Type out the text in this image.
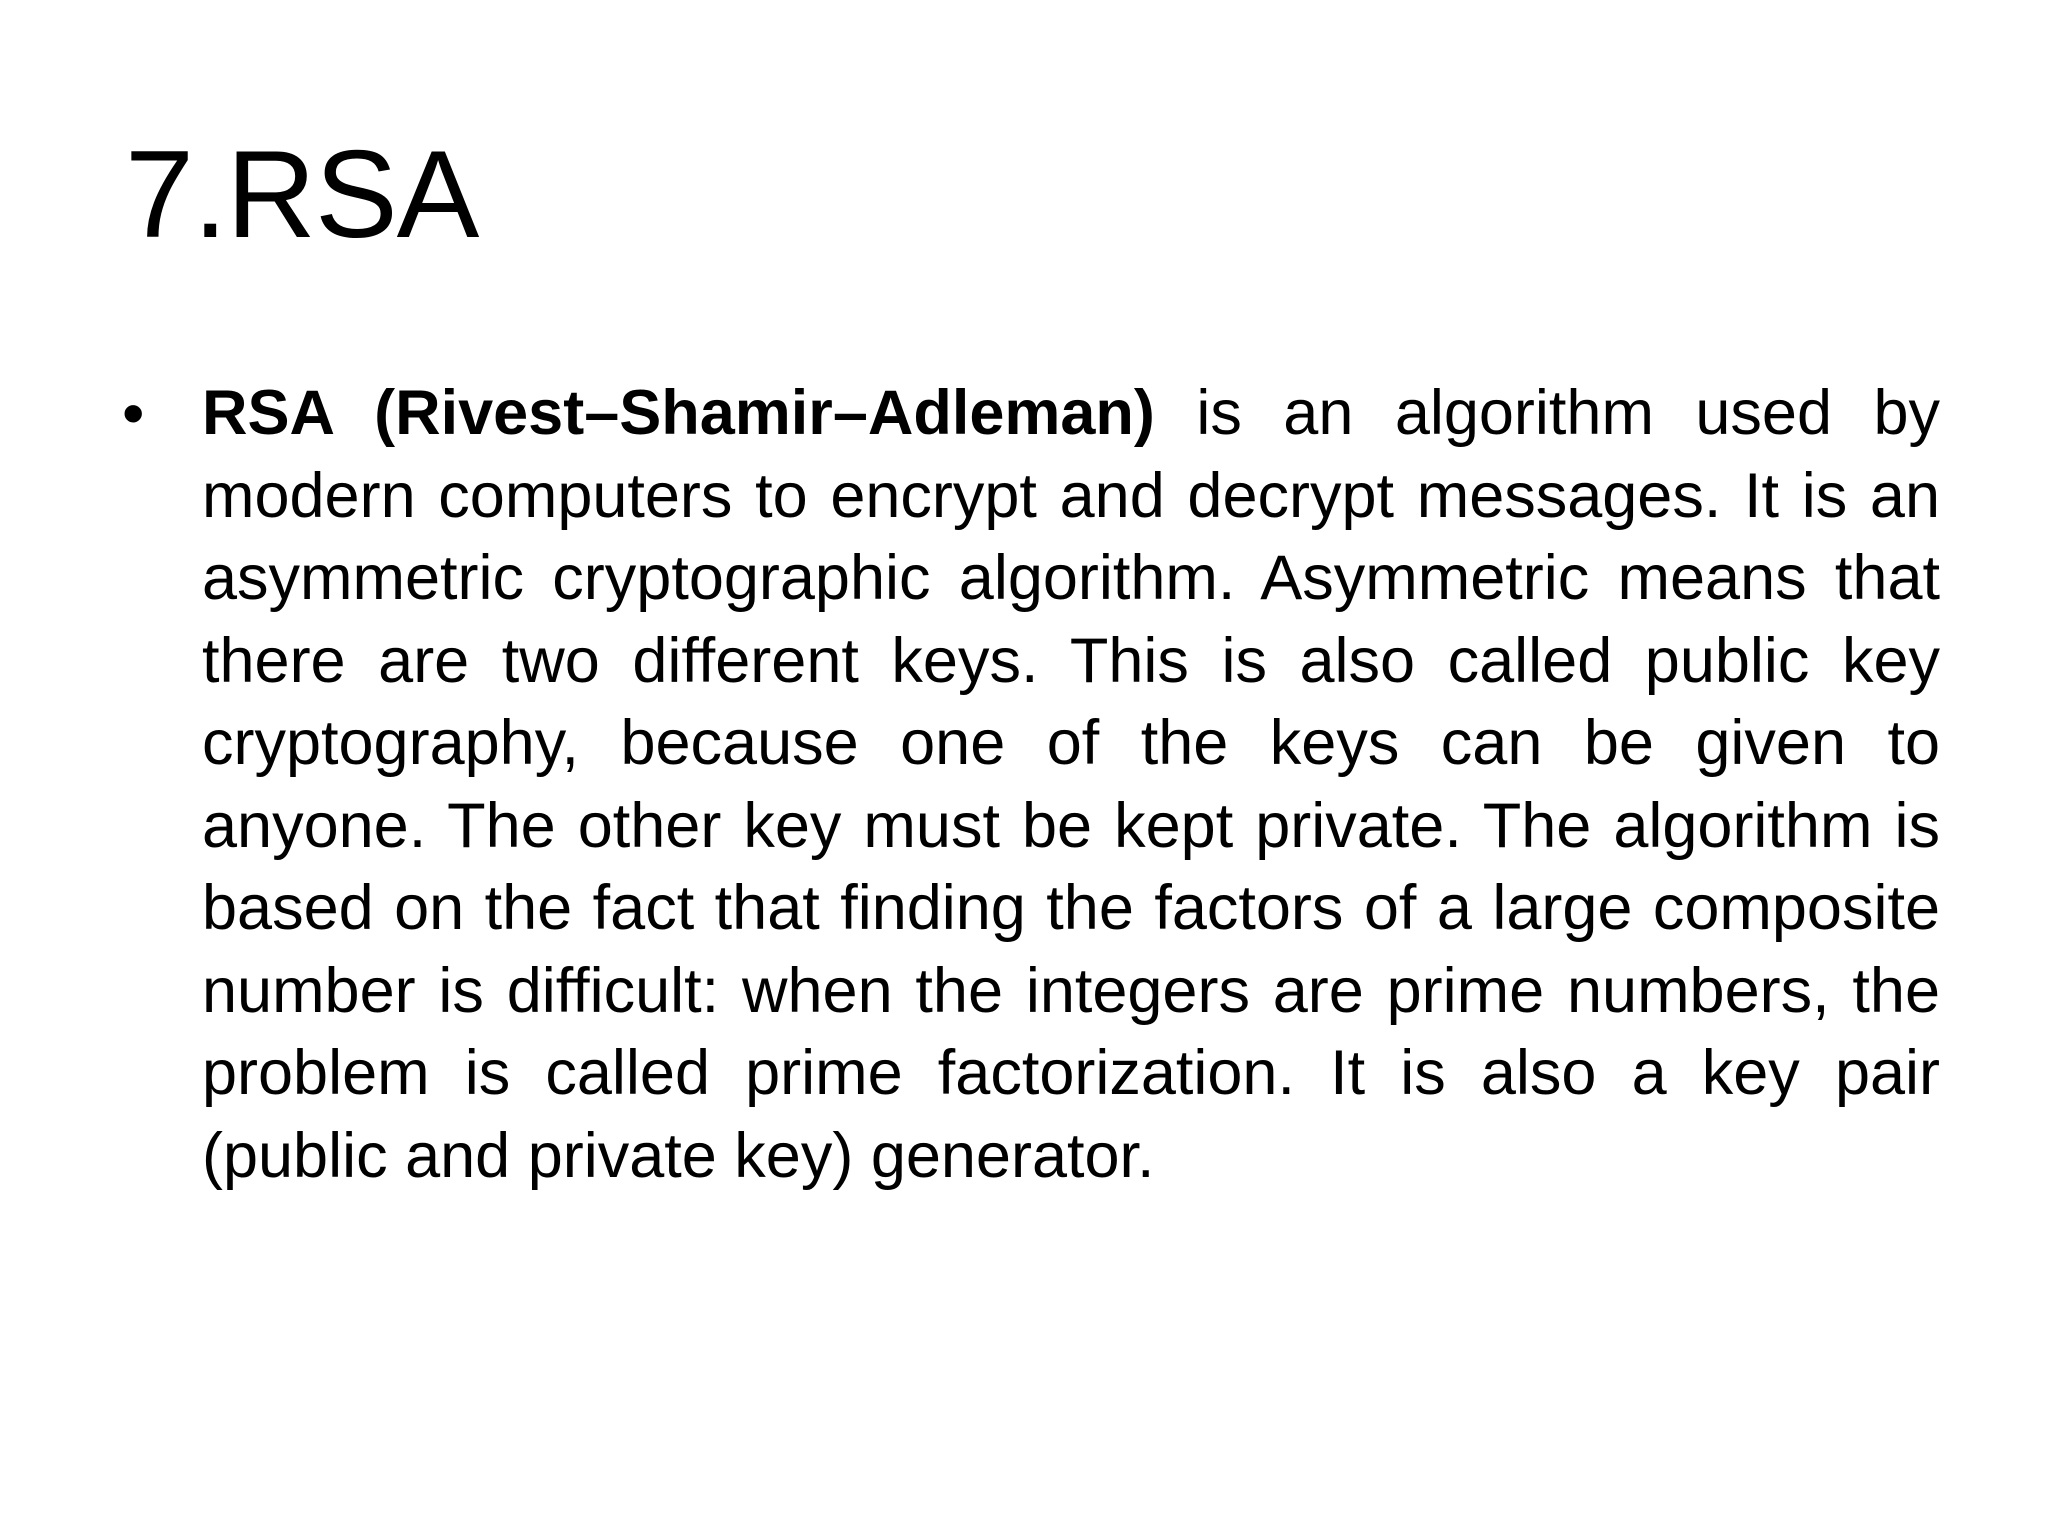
7.RSA
• RSA (Rivest–Shamir–Adleman) is an algorithm used by modern computers to encrypt and decrypt messages. It is an asymmetric cryptographic algorithm. Asymmetric means that there are two different keys. This is also called public key cryptography, because one of the keys can be given to anyone. The other key must be kept private. The algorithm is based on the fact that finding the factors of a large composite number is difficult: when the integers are prime numbers, the problem is called prime factorization. It is also a key pair (public and private key) generator.
